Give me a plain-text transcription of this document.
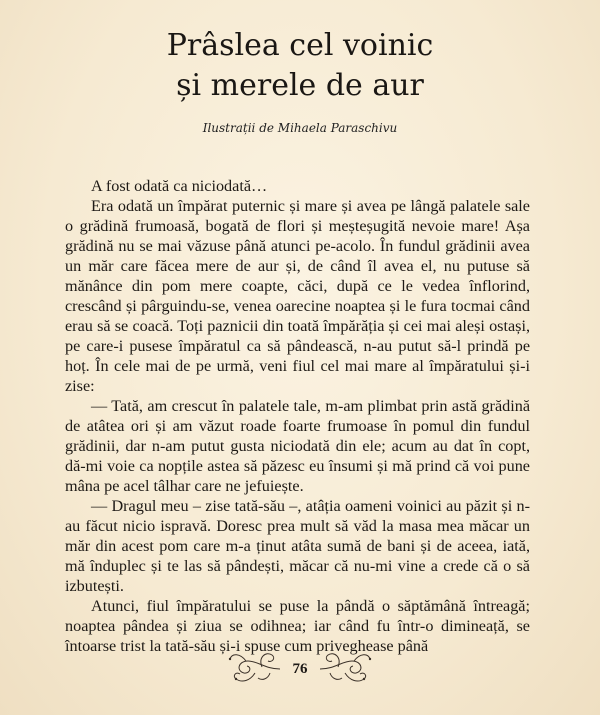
Prâslea cel voinic
și merele de aur
Ilustrații de Mihaela Paraschivu

A fost odată ca niciodată…

Era odată un împărat puternic și mare și avea pe lângă palatele sale o grădină frumoasă, bogată de flori și meșteșugită nevoie mare! Așa grădină nu se mai văzuse până atunci pe-acolo. În fundul grădinii avea un măr care făcea mere de aur și, de când îl avea el, nu putuse să mănânce din pom mere coapte, căci, după ce le vedea înflorind, crescând și pârguindu-se, venea oarecine noaptea și le fura tocmai când erau să se coacă. Toți paznicii din toată împărăția și cei mai aleși ostași, pe care-i pusese împăratul ca să pândească, n-au putut să-l prindă pe hoț. În cele mai de pe urmă, veni fiul cel mai mare al împăratului și-i zise:

— Tată, am crescut în palatele tale, m-am plimbat prin astă grădină de atâtea ori și am văzut roade foarte frumoase în pomul din fundul grădinii, dar n-am putut gusta niciodată din ele; acum au dat în copt, dă-mi voie ca nopțile astea să păzesc eu însumi și mă prind că voi pune mâna pe acel tâlhar care ne jefuiește.

— Dragul meu – zise tată-său –, atâția oameni voinici au păzit și n-au făcut nicio ispravă. Doresc prea mult să văd la masa mea măcar un măr din acest pom care m-a ținut atâta sumă de bani și de aceea, iată, mă înduplec și te las să pândești, măcar că nu-mi vine a crede că o să izbutești.

Atunci, fiul împăratului se puse la pândă o săptămână întreagă; noaptea pândea și ziua se odihnea; iar când fu într-o dimineață, se întoarse trist la tată-său și-i spuse cum priveghease până

76
